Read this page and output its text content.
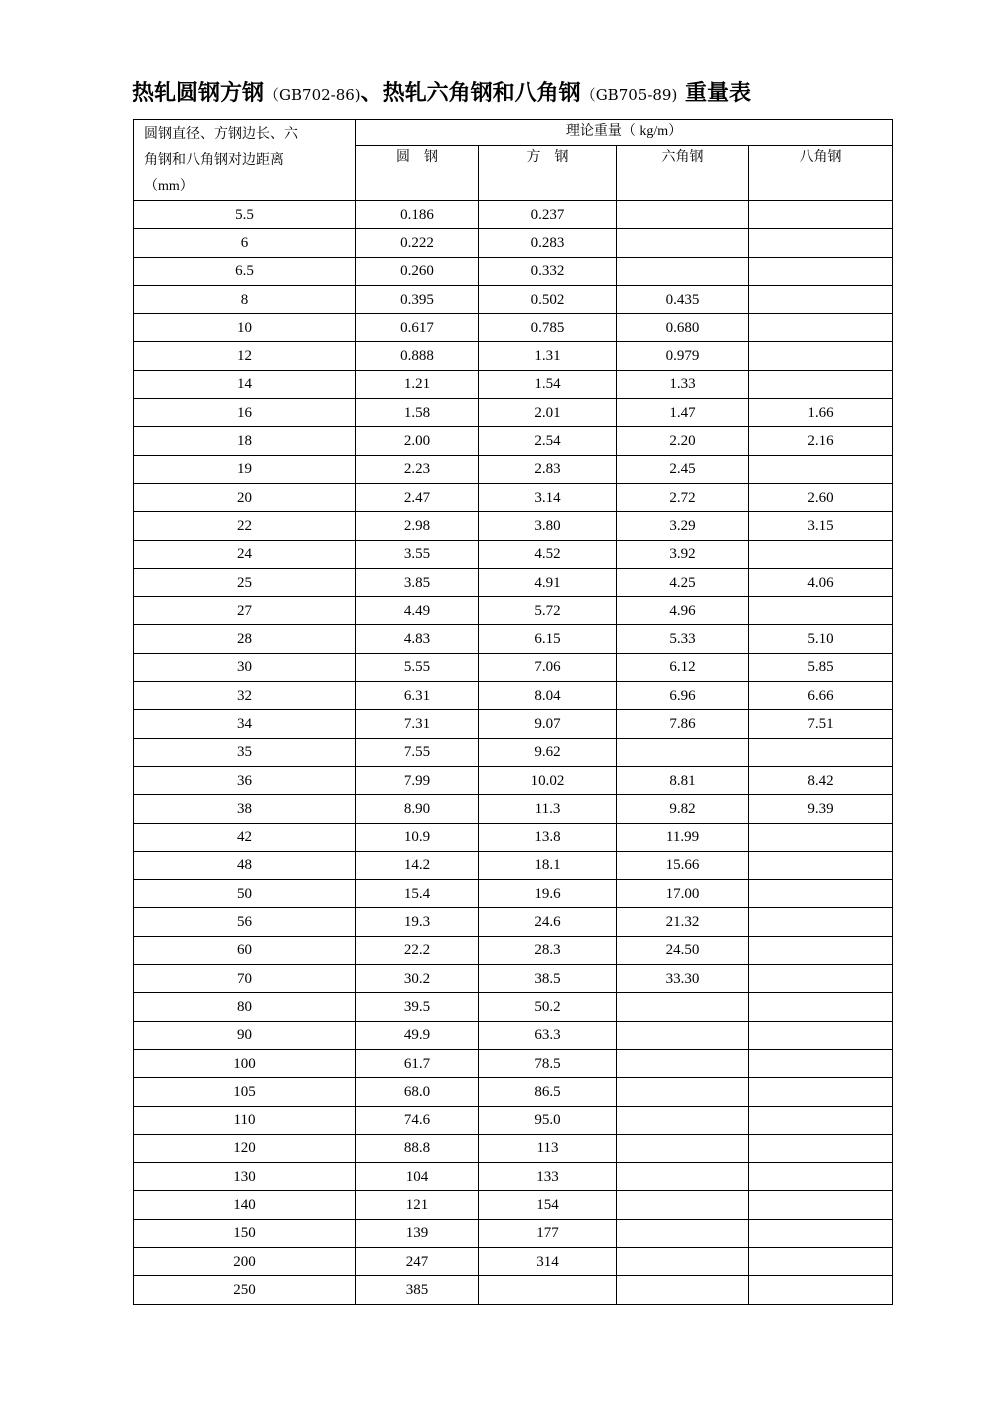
热轧圆钢方钢（GB702-86)、热轧六角钢和八角钢（GB705-89) 重量表
圆钢直径、方钢边长、六
角钢和八角钢对边距离
（mm）	理论重量（ kg/m）			
	圆　钢	方　钢	六角钢	八角钢
5.5	0.186	0.237		
6	0.222	0.283		
6.5	0.260	0.332		
8	0.395	0.502	0.435	
10	0.617	0.785	0.680	
12	0.888	1.31	0.979	
14	1.21	1.54	1.33	
16	1.58	2.01	1.47	1.66
18	2.00	2.54	2.20	2.16
19	2.23	2.83	2.45	
20	2.47	3.14	2.72	2.60
22	2.98	3.80	3.29	3.15
24	3.55	4.52	3.92	
25	3.85	4.91	4.25	4.06
27	4.49	5.72	4.96	
28	4.83	6.15	5.33	5.10
30	5.55	7.06	6.12	5.85
32	6.31	8.04	6.96	6.66
34	7.31	9.07	7.86	7.51
35	7.55	9.62		
36	7.99	10.02	8.81	8.42
38	8.90	11.3	9.82	9.39
42	10.9	13.8	11.99	
48	14.2	18.1	15.66	
50	15.4	19.6	17.00	
56	19.3	24.6	21.32	
60	22.2	28.3	24.50	
70	30.2	38.5	33.30	
80	39.5	50.2		
90	49.9	63.3		
100	61.7	78.5		
105	68.0	86.5		
110	74.6	95.0		
120	88.8	113		
130	104	133		
140	121	154		
150	139	177		
200	247	314		
250	385			
